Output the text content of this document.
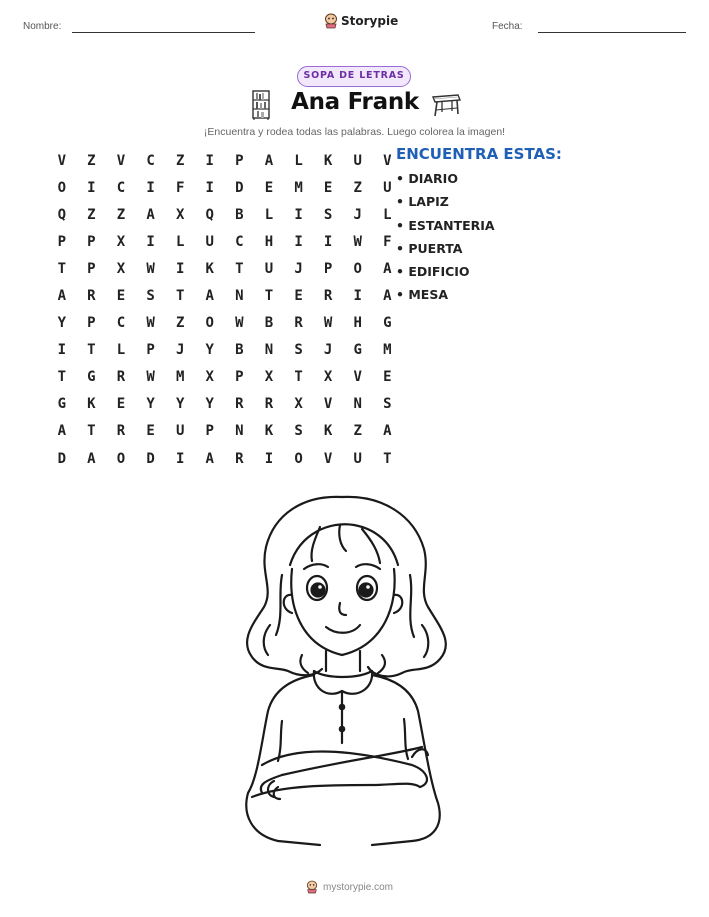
Nombre:	Storypie	Fecha:
SOPA DE LETRAS
Ana Frank
¡Encuentra y rodea todas las palabras. Luego colorea la imagen!
V	Z	V	C	Z	I	P	A	L	K	U	V
O	I	C	I	F	I	D	E	M	E	Z	U
Q	Z	Z	A	X	Q	B	L	I	S	J	L
P	P	X	I	L	U	C	H	I	I	W	F
T	P	X	W	I	K	T	U	J	P	O	A
A	R	E	S	T	A	N	T	E	R	I	A
Y	P	C	W	Z	O	W	B	R	W	H	G
I	T	L	P	J	Y	B	N	S	J	G	M
T	G	R	W	M	X	P	X	T	X	V	E
G	K	E	Y	Y	Y	R	R	X	V	N	S
A	T	R	E	U	P	N	K	S	K	Z	A
D	A	O	D	I	A	R	I	O	V	U	T
ENCUENTRA ESTAS:
• DIARIO
• LAPIZ
• ESTANTERIA
• PUERTA
• EDIFICIO
• MESA
mystorypie.com
